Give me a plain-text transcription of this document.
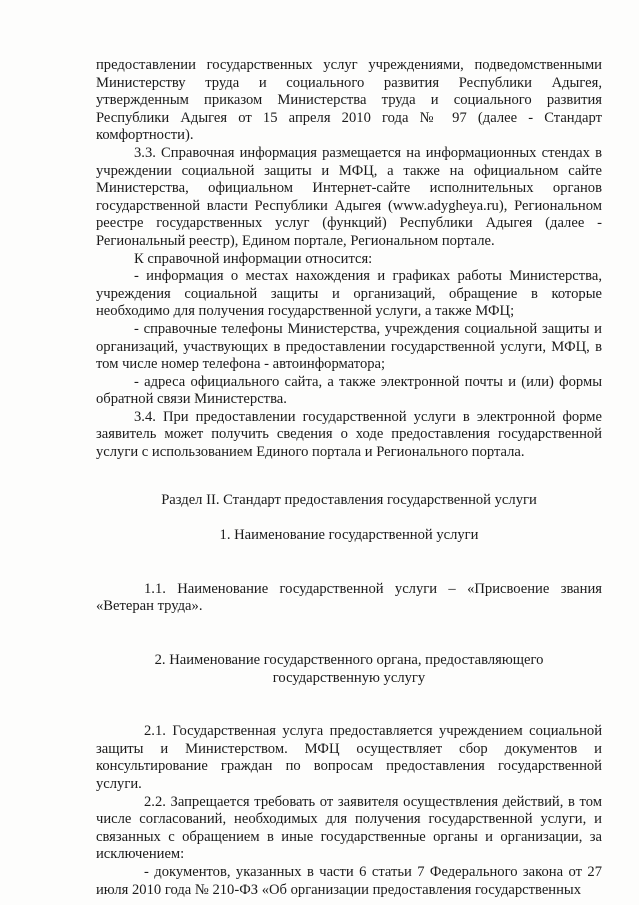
предоставлении государственных услуг учреждениями, подведомственными Министерству труда и социального развития Республики Адыгея, утвержденным приказом Министерства труда и социального развития Республики Адыгея от 15 апреля 2010 года № 97 (далее - Стандарт комфортности).

3.3. Справочная информация размещается на информационных стендах в учреждении социальной защиты и МФЦ, а также на официальном сайте Министерства, официальном Интернет-сайте исполнительных органов государственной власти Республики Адыгея (www.adygheya.ru), Региональном реестре государственных услуг (функций) Республики Адыгея (далее - Региональный реестр), Едином портале, Региональном портале.

К справочной информации относится:

- информация о местах нахождения и графиках работы Министерства, учреждения социальной защиты и организаций, обращение в которые необходимо для получения государственной услуги, а также МФЦ;

- справочные телефоны Министерства, учреждения социальной защиты и организаций, участвующих в предоставлении государственной услуги, МФЦ, в том числе номер телефона - автоинформатора;

- адреса официального сайта, а также электронной почты и (или) формы обратной связи Министерства.

3.4. При предоставлении государственной услуги в электронной форме заявитель может получить сведения о ходе предоставления государственной услуги с использованием Единого портала и Регионального портала.

Раздел II. Стандарт предоставления государственной услуги

1. Наименование государственной услуги

1.1. Наименование государственной услуги – «Присвоение звания «Ветеран труда».

2. Наименование государственного органа, предоставляющего

государственную услугу

2.1. Государственная услуга предоставляется учреждением социальной защиты и Министерством. МФЦ осуществляет сбор документов и консультирование граждан по вопросам предоставления государственной услуги.

2.2. Запрещается требовать от заявителя осуществления действий, в том числе согласований, необходимых для получения государственной услуги, и связанных с обращением в иные государственные органы и организации, за исключением:

- документов, указанных в части 6 статьи 7 Федерального закона от 27 июля 2010 года № 210-ФЗ «Об организации предоставления государственных
